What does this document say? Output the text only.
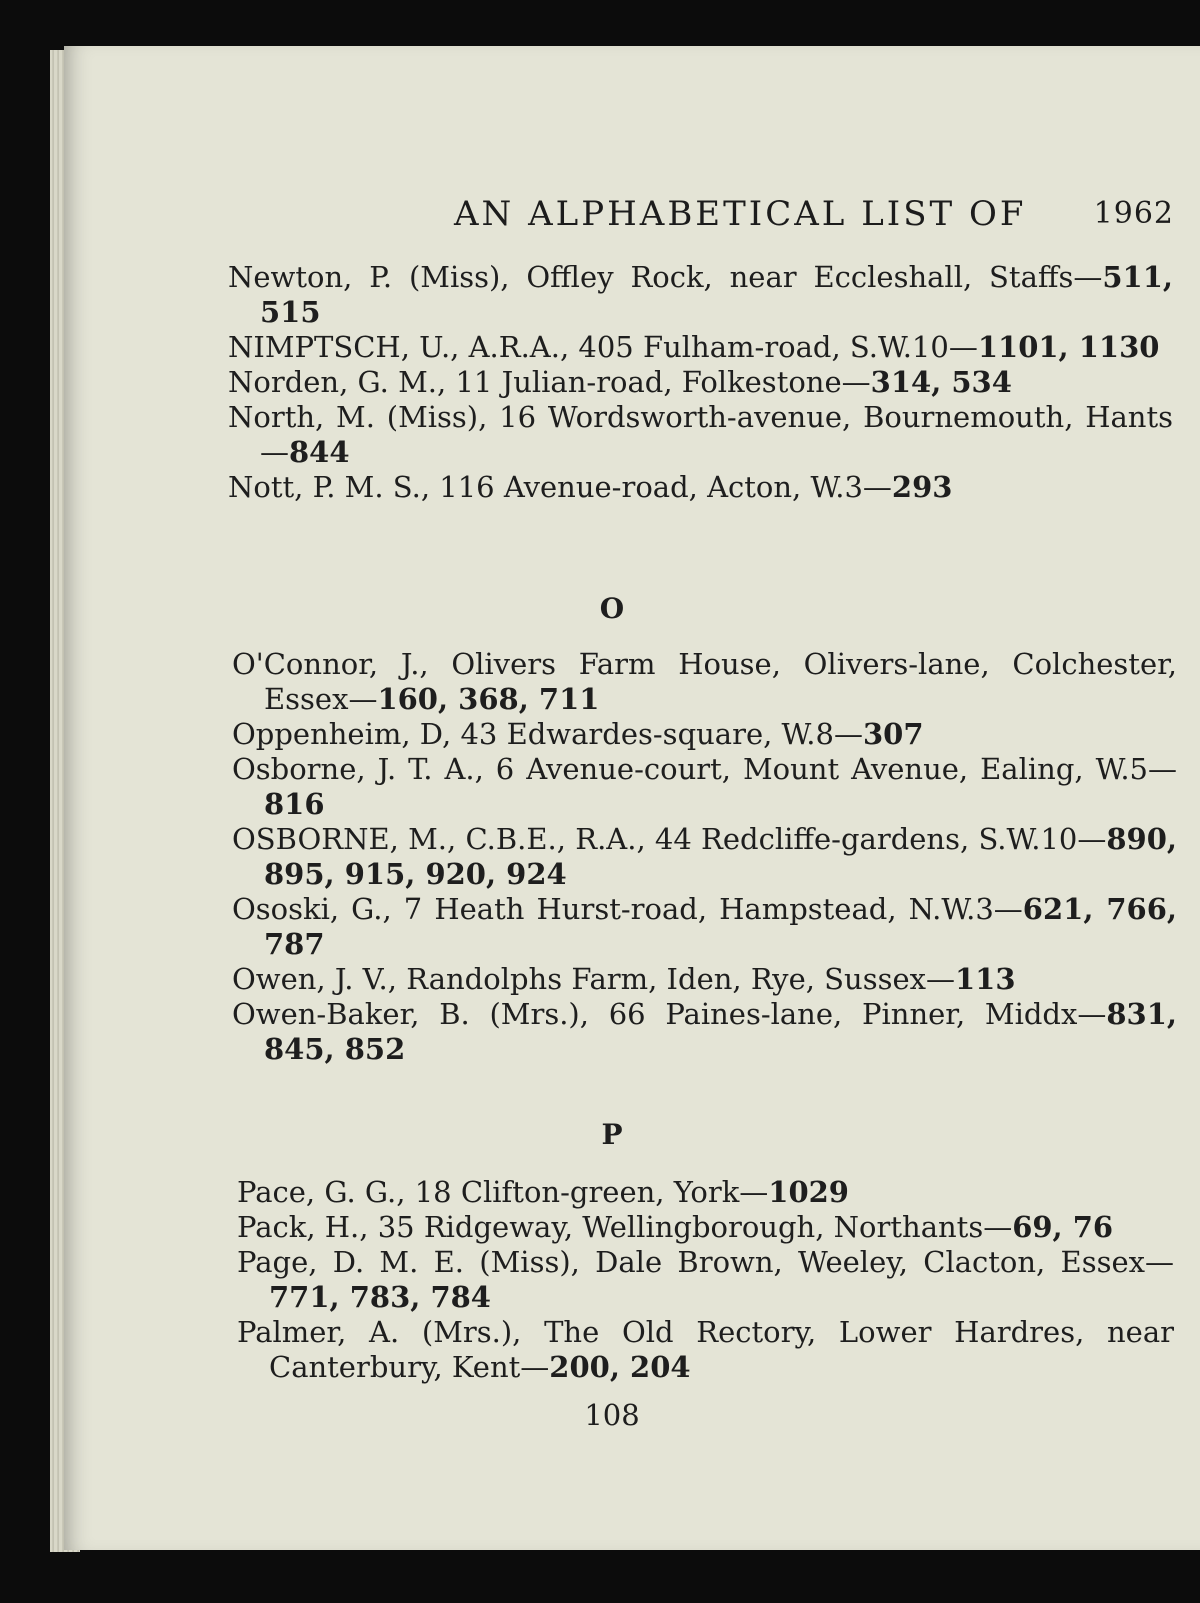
AN ALPHABETICAL LIST OF 1962

Newton, P. (Miss), Offley Rock, near Eccleshall, Staffs—511, 515

NIMPTSCH, U., A.R.A., 405 Fulham-road, S.W.10—1101, 1130

Norden, G. M., 11 Julian-road, Folkestone—314, 534

North, M. (Miss), 16 Wordsworth-avenue, Bournemouth, Hants—844

Nott, P. M. S., 116 Avenue-road, Acton, W.3—293

O

O'Connor, J., Olivers Farm House, Olivers-lane, Colchester, Essex—160, 368, 711

Oppenheim, D, 43 Edwardes-square, W.8—307

Osborne, J. T. A., 6 Avenue-court, Mount Avenue, Ealing, W.5—816

OSBORNE, M., C.B.E., R.A., 44 Redcliffe-gardens, S.W.10—890, 895, 915, 920, 924

Ososki, G., 7 Heath Hurst-road, Hampstead, N.W.3—621, 766, 787

Owen, J. V., Randolphs Farm, Iden, Rye, Sussex—113

Owen-Baker, B. (Mrs.), 66 Paines-lane, Pinner, Middx—831, 845, 852

P

Pace, G. G., 18 Clifton-green, York—1029

Pack, H., 35 Ridgeway, Wellingborough, Northants—69, 76

Page, D. M. E. (Miss), Dale Brown, Weeley, Clacton, Essex—771, 783, 784

Palmer, A. (Mrs.), The Old Rectory, Lower Hardres, near Canterbury, Kent—200, 204

108
